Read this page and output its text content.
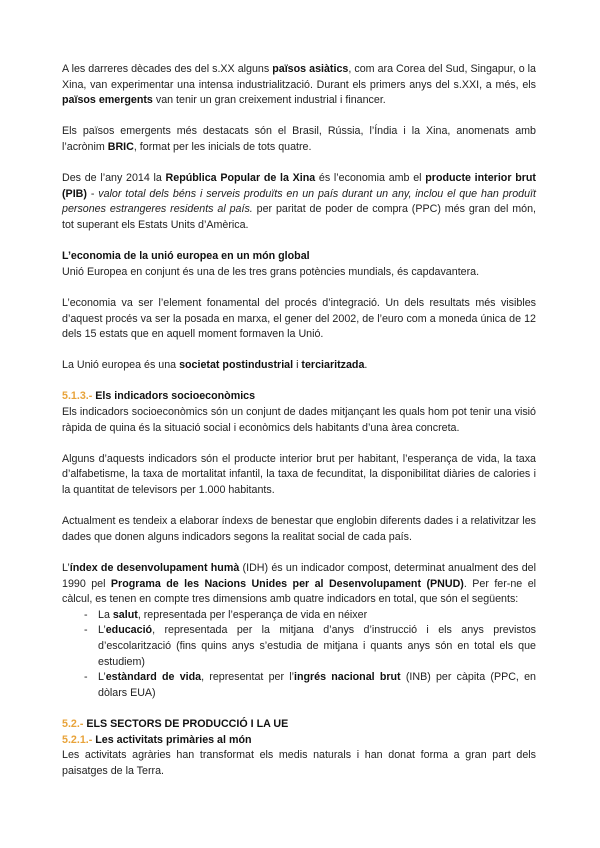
A les darreres dècades des del s.XX alguns països asiàtics, com ara Corea del Sud, Singapur, o la Xina, van experimentar una intensa industrialització. Durant els primers anys del s.XXI, a més, els països emergents van tenir un gran creixement industrial i financer.

Els països emergents més destacats són el Brasil, Rússia, l’Índia i la Xina, anomenats amb l’acrònim BRIC, format per les inicials de tots quatre.

Des de l’any 2014 la República Popular de la Xina és l’economia amb el producte interior brut (PIB) - valor total dels béns i serveis produïts en un país durant un any, inclou el que han produït persones estrangeres residents al país. per paritat de poder de compra (PPC) més gran del món, tot superant els Estats Units d’Amèrica.

L’economia de la unió europea en un món global

Unió Europea en conjunt és una de les tres grans potències mundials, és capdavantera.

L’economia va ser l’element fonamental del procés d’integració. Un dels resultats més visibles d’aquest procés va ser la posada en marxa, el gener del 2002, de l’euro com a moneda única de 12 dels 15 estats que en aquell moment formaven la Unió.

La Unió europea és una societat postindustrial i terciaritzada.

5.1.3.- Els indicadors socioeconòmics

Els indicadors socioeconòmics són un conjunt de dades mitjançant les quals hom pot tenir una visió ràpida de quina és la situació social i econòmics dels habitants d’una àrea concreta.

Alguns d’aquests indicadors són el producte interior brut per habitant, l’esperança de vida, la taxa d’alfabetisme, la taxa de mortalitat infantil, la taxa de fecunditat, la disponibilitat diàries de calories i la quantitat de televisors per 1.000 habitants.

Actualment es tendeix a elaborar índexs de benestar que englobin diferents dades i a relativitzar les dades que donen alguns indicadors segons la realitat social de cada país.

L’índex de desenvolupament humà (IDH) és un indicador compost, determinat anualment des del 1990 pel Programa de les Nacions Unides per al Desenvolupament (PNUD). Per fer-ne el càlcul, es tenen en compte tres dimensions amb quatre indicadors en total, que són el següents:

- La salut, representada per l’esperança de vida en néixer
- L’educació, representada per la mitjana d’anys d’instrucció i els anys previstos d’escolarització (fins quins anys s’estudia de mitjana i quants anys són en total els que estudiem)
- L’estàndard de vida, representat per l’ingrés nacional brut (INB) per càpita (PPC, en dòlars EUA)

5.2.- ELS SECTORS DE PRODUCCIÓ I LA UE

5.2.1.- Les activitats primàries al món

Les activitats agràries han transformat els medis naturals i han donat forma a gran part dels paisatges de la Terra.
